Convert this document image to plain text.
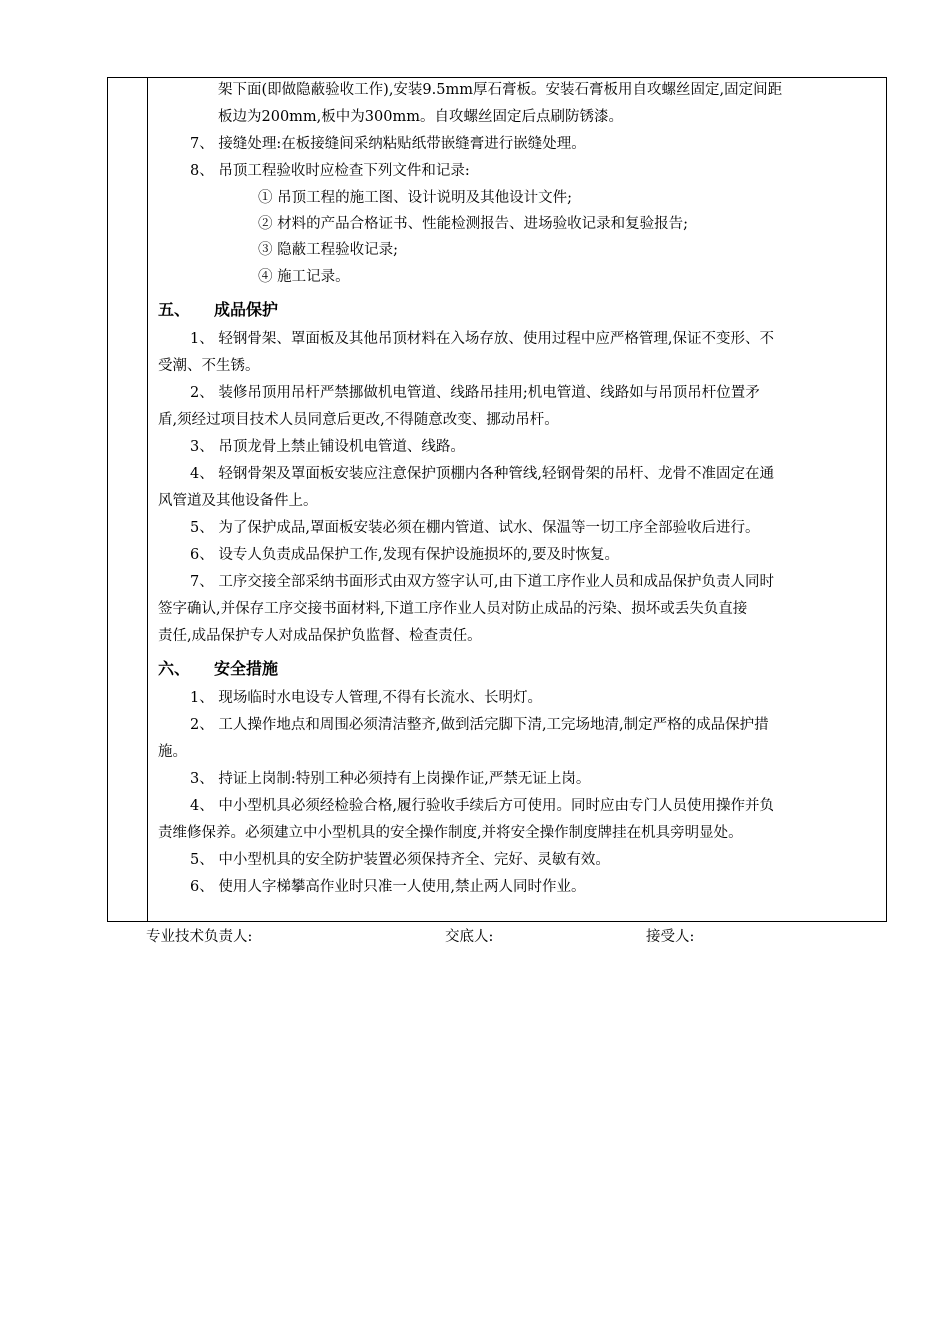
架下面(即做隐蔽验收工作),安装9.5mm厚石膏板。安装石膏板用自攻螺丝固定,固定间距
板边为200mm,板中为300mm。自攻螺丝固定后点刷防锈漆。
7、 接缝处理:在板接缝间采纳粘贴纸带嵌缝膏进行嵌缝处理。
8、 吊顶工程验收时应检查下列文件和记录:
① 吊顶工程的施工图、设计说明及其他设计文件;
② 材料的产品合格证书、性能检测报告、进场验收记录和复验报告;
③ 隐蔽工程验收记录;
④ 施工记录。
五、 成品保护
1、 轻钢骨架、罩面板及其他吊顶材料在入场存放、使用过程中应严格管理,保证不变形、不
受潮、不生锈。
2、 装修吊顶用吊杆严禁挪做机电管道、线路吊挂用;机电管道、线路如与吊顶吊杆位置矛
盾,须经过项目技术人员同意后更改,不得随意改变、挪动吊杆。
3、 吊顶龙骨上禁止铺设机电管道、线路。
4、 轻钢骨架及罩面板安装应注意保护顶棚内各种管线,轻钢骨架的吊杆、龙骨不准固定在通
风管道及其他设备件上。
5、 为了保护成品,罩面板安装必须在棚内管道、试水、保温等一切工序全部验收后进行。
6、 设专人负责成品保护工作,发现有保护设施损坏的,要及时恢复。
7、 工序交接全部采纳书面形式由双方签字认可,由下道工序作业人员和成品保护负责人同时
签字确认,并保存工序交接书面材料,下道工序作业人员对防止成品的污染、损坏或丢失负直接
责任,成品保护专人对成品保护负监督、检查责任。
六、 安全措施
1、 现场临时水电设专人管理,不得有长流水、长明灯。
2、 工人操作地点和周围必须清洁整齐,做到活完脚下清,工完场地清,制定严格的成品保护措
施。
3、 持证上岗制:特别工种必须持有上岗操作证,严禁无证上岗。
4、 中小型机具必须经检验合格,履行验收手续后方可使用。同时应由专门人员使用操作并负
责维修保养。必须建立中小型机具的安全操作制度,并将安全操作制度牌挂在机具旁明显处。
5、 中小型机具的安全防护装置必须保持齐全、完好、灵敏有效。
6、 使用人字梯攀高作业时只准一人使用,禁止两人同时作业。
专业技术负责人:	交底人:	接受人:
